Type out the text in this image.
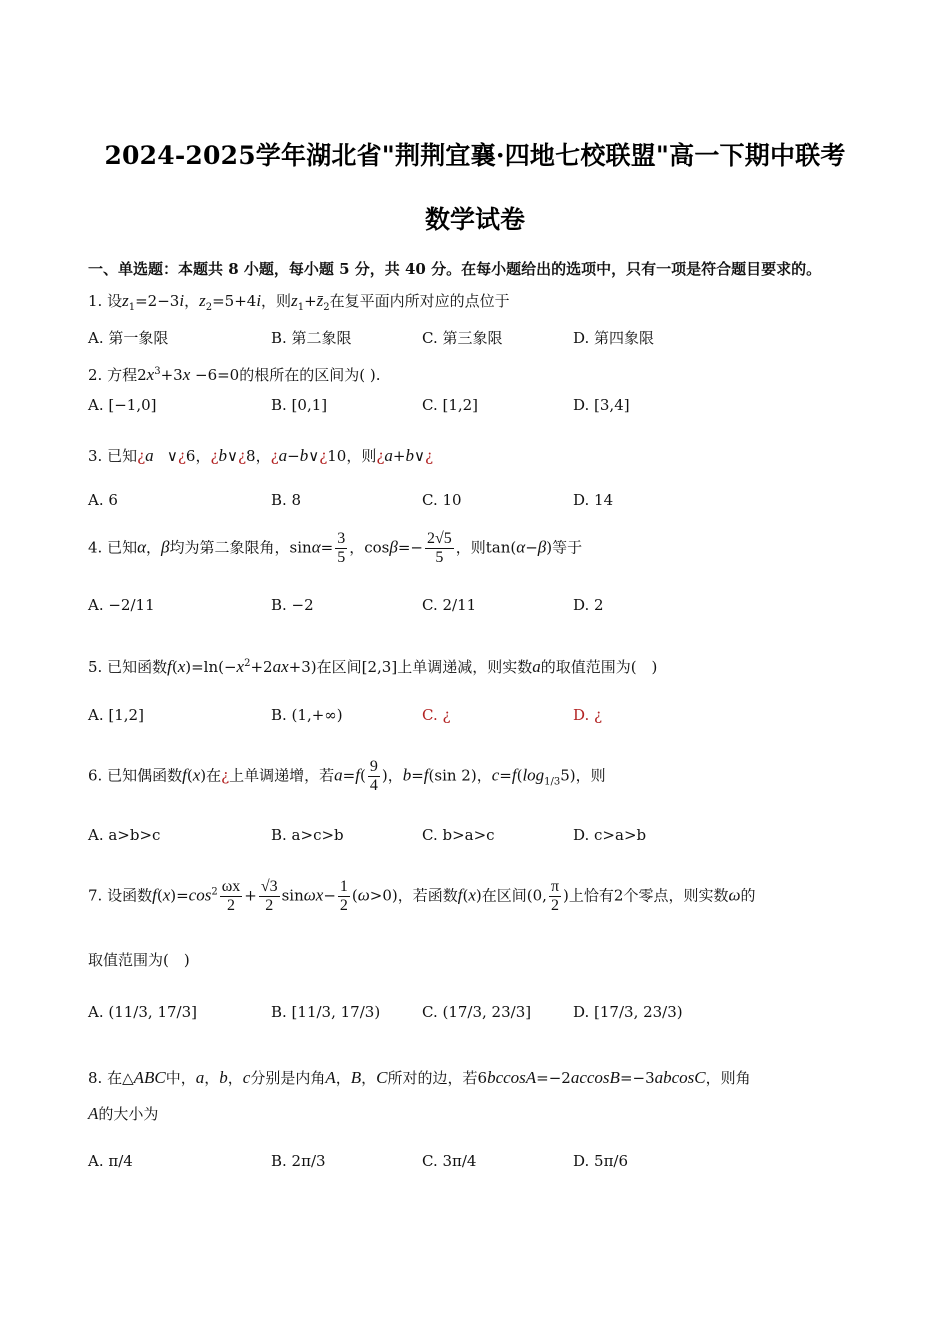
2024-2025学年湖北省"荆荆宜襄·四地七校联盟"高一下期中联考
数学试卷
一、单选题：本题共 8 小题，每小题 5 分，共 40 分。在每小题给出的选项中，只有一项是符合题目要求的。
1. 设$z_1=2-3i$，$z_2=5+4i$，则$z_1+z̄_2$在复平面内所对应的点位于
A. 第一象限	B. 第二象限	C. 第三象限	D. 第四象限
2. 方程$2x^3+3x -6=0$的根所在的区间为( ).
A. [−1,0]	B. [0,1]	C. [1,2]	D. [3,4]
3. 已知¿a⃗∨¿6，¿b∨¿8，¿a−b∨¿10，则¿a+b∨¿
A. 6	B. 8	C. 10	D. 14
4. 已知α，β均为第二象限角，$\sin\alpha= \frac{3}{5}$ ，$\cos\beta=- \frac{2√5}{5}$ ，则tan(α−β)等于
A. −2/11	B. −2	C. 2/11	D. 2
5. 已知函数$f(x)=\ln(-x^2+2ax+3)$在区间[2,3]上单调递减，则实数a的取值范围为(　)
A. [1,2]	B. (1,+∞)	C. ¿	D. ¿
6. 已知偶函数f(x)在¿上单调递增，若$a=f( \frac{9}{4}$ )，b=f(sin 2)，$c=f(\log_{1/3}5)$，则
A. a>b>c	B. a>c>b	C. b>a>c	D. c>a>b
7. 设函数$f(x)=\cos^2 \frac{\omega x}{2} + \frac{√3}{2} \sin\omega x- \frac{1}{2} (\omega>0)$，若函数f(x)在区间(0, $\frac{\pi}{2}$ )上恰有2个零点，则实数ω的
取值范围为(　)
A. (11/3, 17/3]	B. [11/3, 17/3)	C. (17/3, 23/3]	D. [17/3, 23/3)
8. 在△ABC中，a，b，c分别是内角A，B，C所对的边，若6bccosA=−2accosB=−3abcosC，则角
A的大小为
A. π/4	B. 2π/3	C. 3π/4	D. 5π/6
